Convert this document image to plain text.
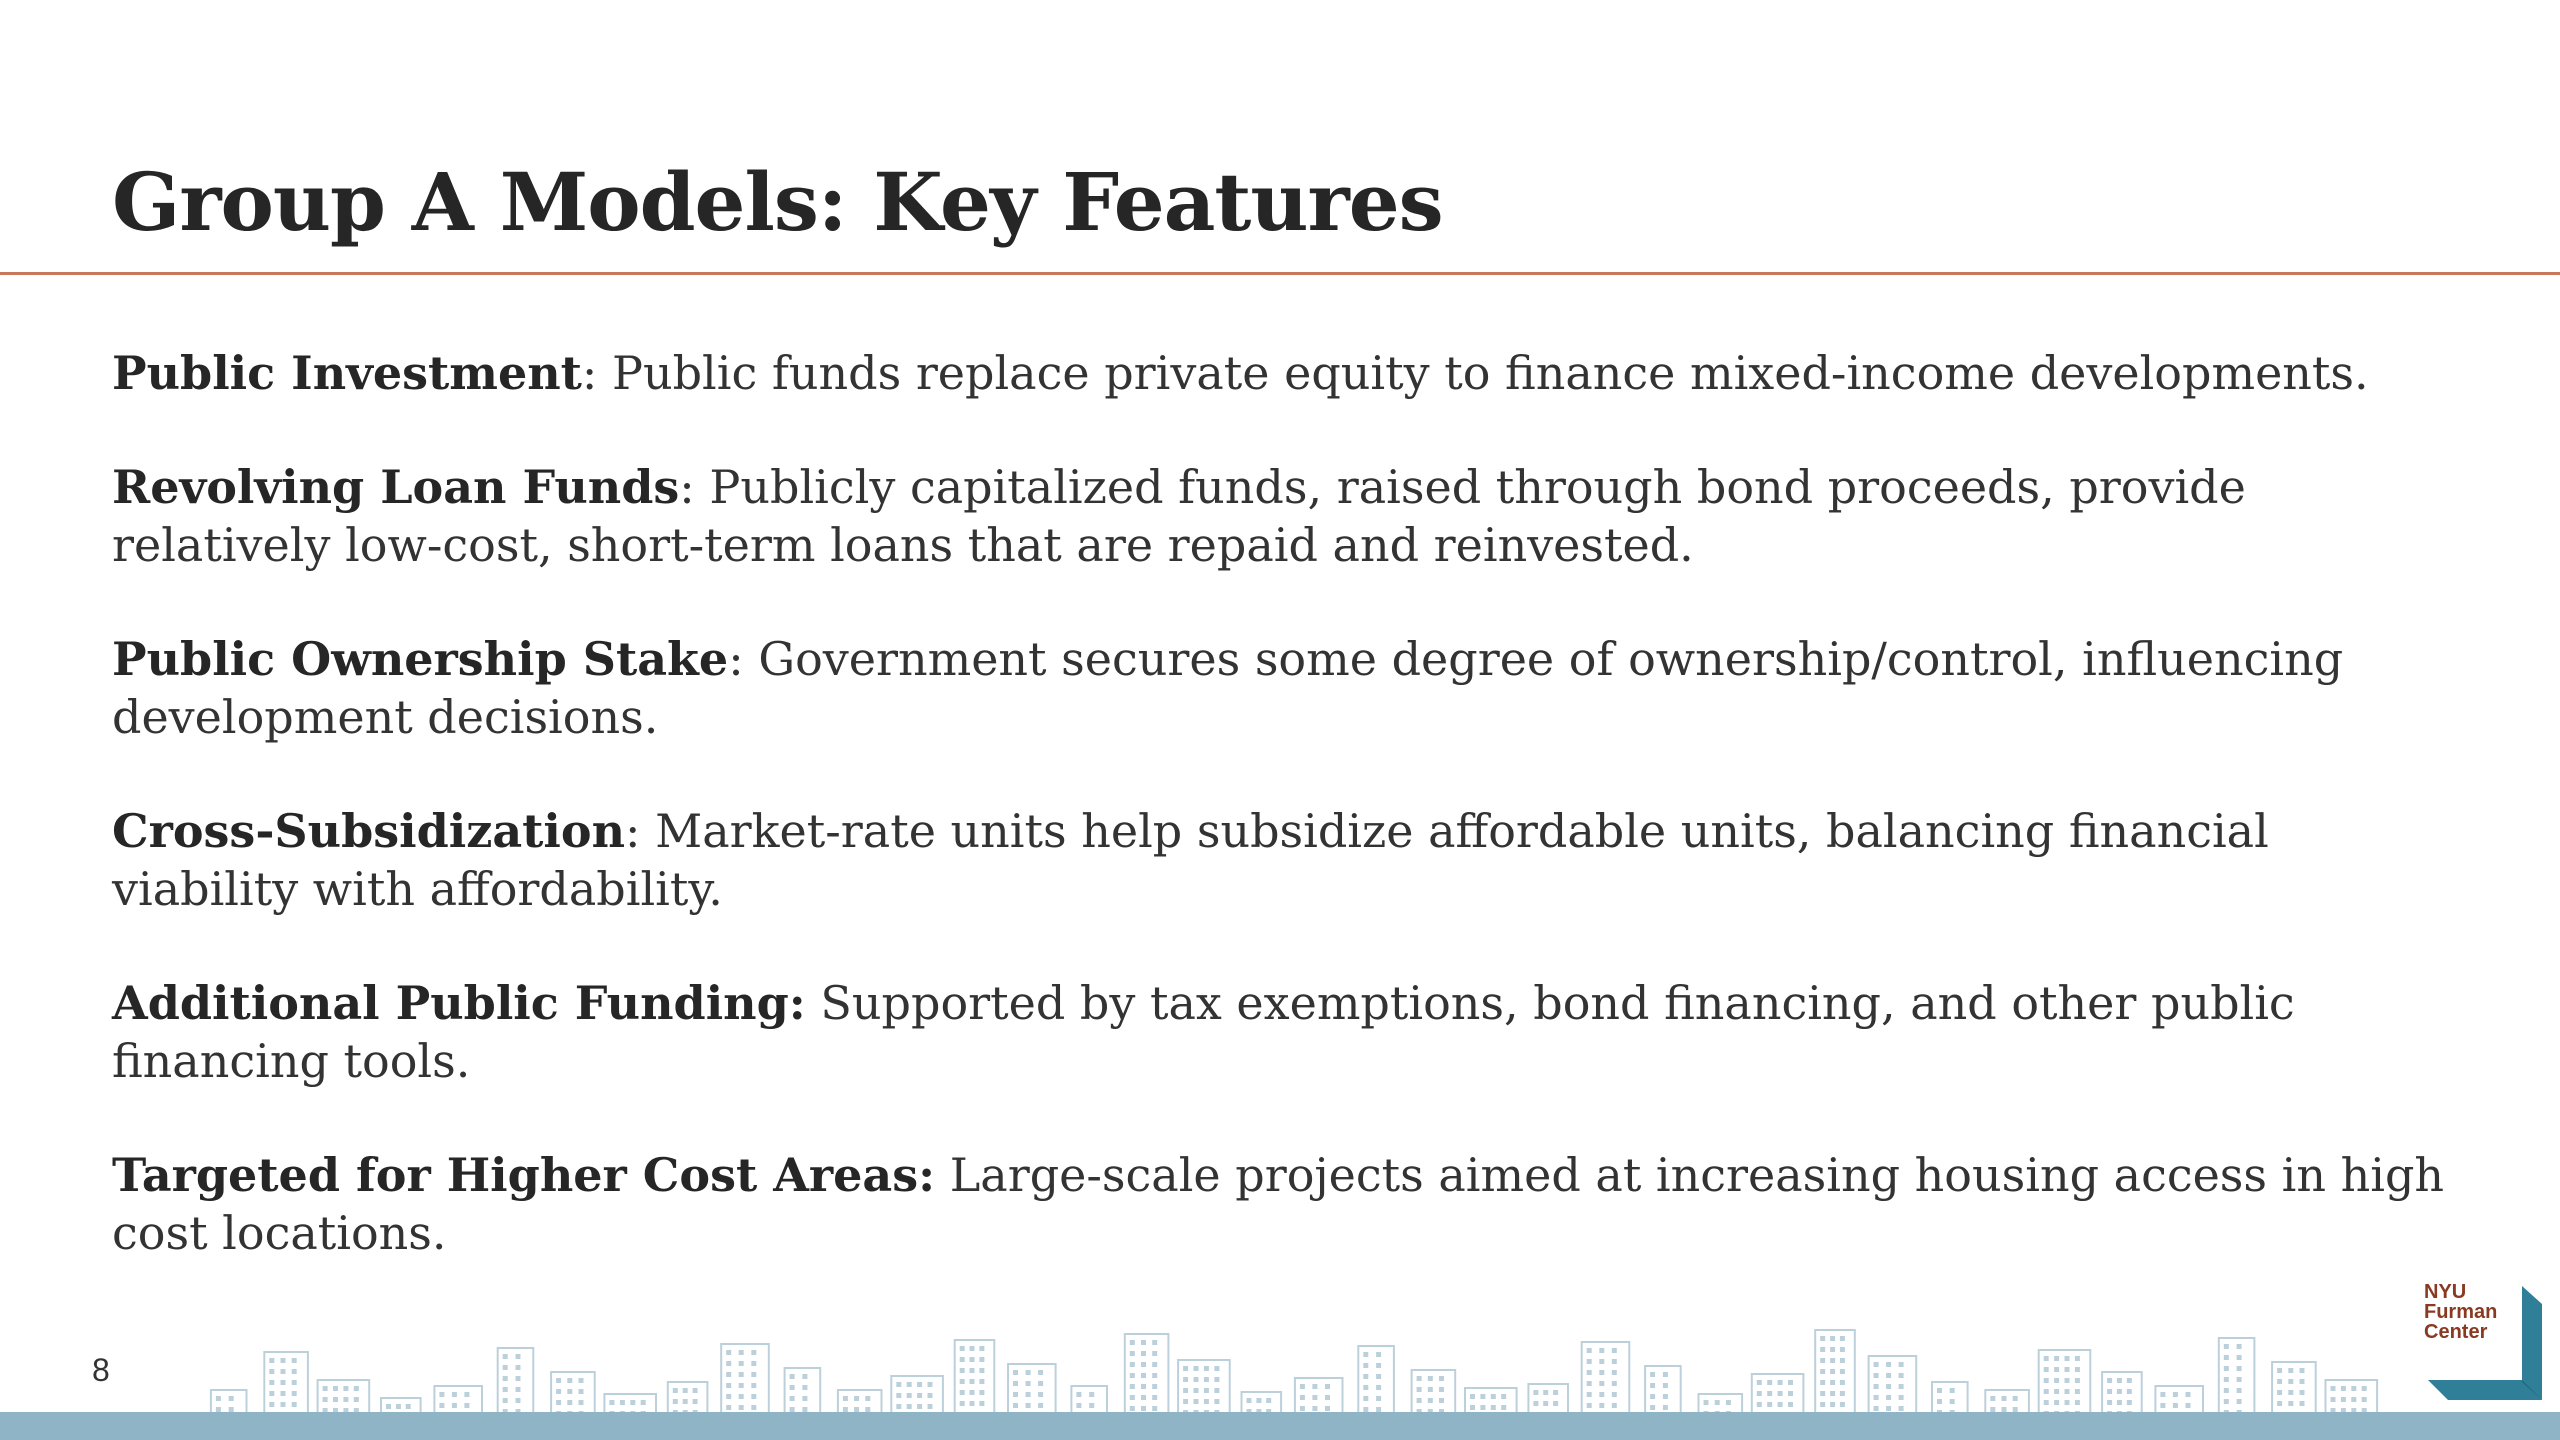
Group A Models: Key Features

Public Investment: Public funds replace private equity to finance mixed-income developments.

Revolving Loan Funds: Publicly capitalized funds, raised through bond proceeds, provide relatively low-cost, short-term loans that are repaid and reinvested.

Public Ownership Stake: Government secures some degree of ownership/control, influencing development decisions.

Cross-Subsidization: Market-rate units help subsidize affordable units, balancing financial viability with affordability.

Additional Public Funding: Supported by tax exemptions, bond financing, and other public financing tools.

Targeted for Higher Cost Areas: Large-scale projects aimed at increasing housing access in high cost locations.

8
NYU
Furman
Center
